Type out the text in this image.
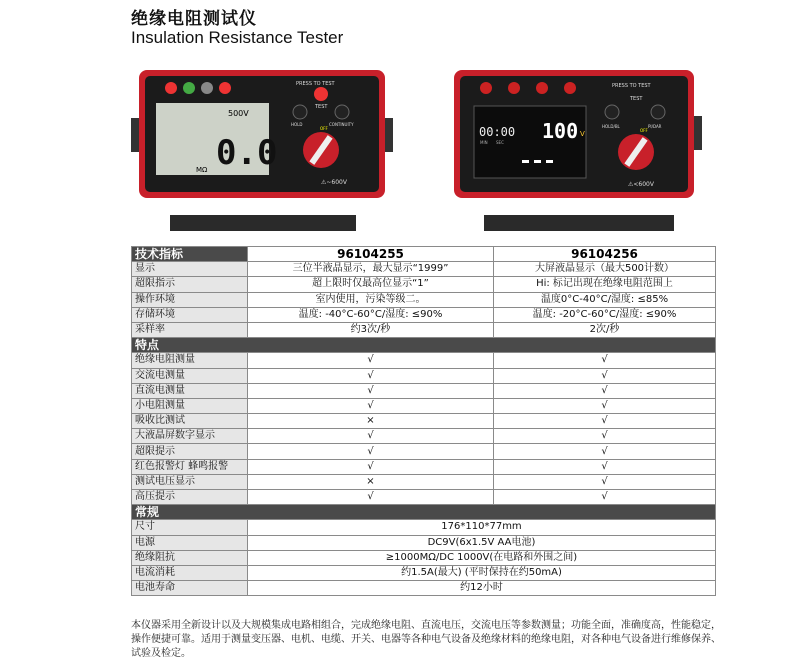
绝缘电阻测试仪
Insulation Resistance Tester
500V
0.0
MΩ
PRESS TO TEST
TEST
HOLD	CONTINUITY
OFF
⚠~600V
00:00
MIN SEC 100 V
PRESS TO TEST
TEST
HOLD/BL	PI/DAR
OFF
⚠<600V
技术指标	96104255	96104256
显示	三位半液晶显示，最大显示“1999”	大屏液晶显示（最大500计数）
超限指示	超上限时仅最高位显示“1”	Hi: 标记出现在绝缘电阻范围上
操作环境	室内使用，污染等级二。	温度0°C-40°C/湿度: ≤85%
存储环境	温度: -40°C-60°C/湿度: ≤90%	温度: -20°C-60°C/湿度: ≤90%
采样率	约3次/秒	2次/秒
特点		
绝缘电阻测量	√	√
交流电测量	√	√
直流电测量	√	√
小电阻测量	√	√
吸收比测试	×	√
大液晶屏数字显示	√	√
超限提示	√	√
红色报警灯 蜂鸣报警	√	√
测试电压显示	×	√
高压提示	√	√
常规		
尺寸	176*110*77mm	
电源	DC9V(6x1.5V AA电池)	
绝缘阻抗	≥1000MΩ/DC 1000V(在电路和外围之间)	
电流消耗	约1.5A(最大) (平时保持在约50mA)	
电池寿命	约12小时	
本仪器采用全新设计以及大规模集成电路相组合，完成绝缘电阻、直流电压，交流电压等参数测量；功能全面，准确度高，性能稳定，操作便捷可靠。适用于测量变压器、电机、电缆、开关、电器等各种电气设备及绝缘材料的绝缘电阻，对各种电气设备进行维修保养、试验及检定。
